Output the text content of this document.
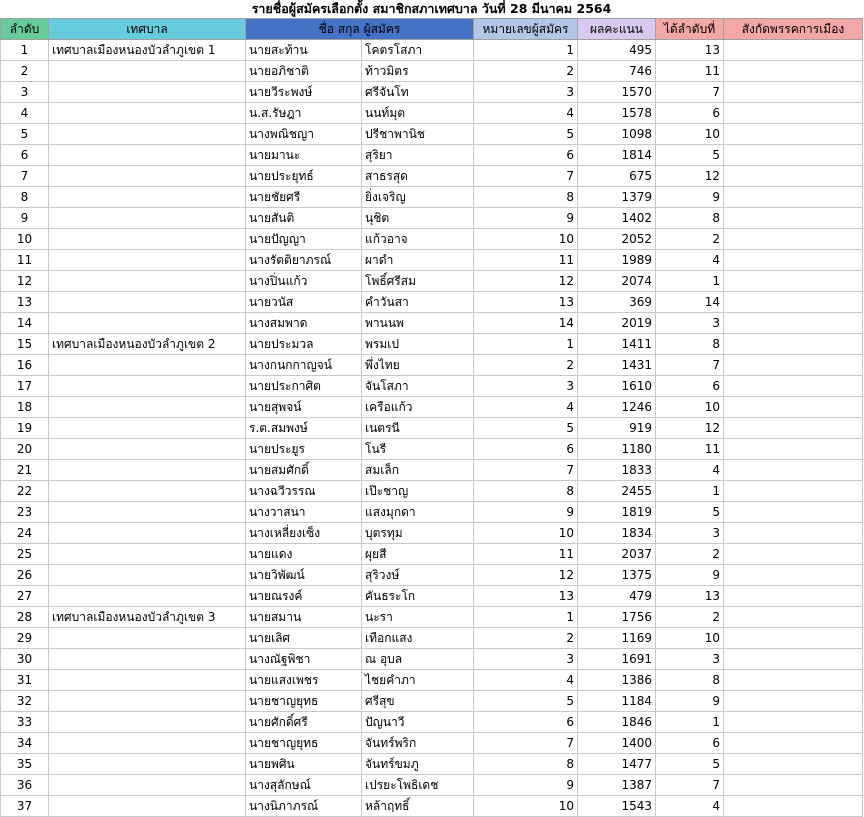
รายชื่อผู้สมัครเลือกตั้ง สมาชิกสภาเทศบาล วันที่ 28 มีนาคม 2564							
ลำดับ	เทศบาล	ชื่อ สกุล ผู้สมัคร		หมายเลขผู้สมัคร	ผลคะแนน	ได้ลำดับที่	สังกัดพรรคการเมือง
1	เทศบาลเมืองหนองบัวลำภูเขต 1	นายสะท้าน	โคตรโสภา	1	495	13	
2		นายอภิชาติ	ท้าวมิตร	2	746	11	
3		นายวีระพงษ์	ศรีจันโท	3	1570	7	
4		น.ส.รัษฎา	นนท์มุต	4	1578	6	
5		นางพณิชญา	ปรีชาพานิช	5	1098	10	
6		นายมานะ	สุริยา	6	1814	5	
7		นายประยุทธ์	สาธรสุด	7	675	12	
8		นายชัยศรี	ยิ่งเจริญ	8	1379	9	
9		นายสันติ	นุชิต	9	1402	8	
10		นายปัญญา	แก้วอาจ	10	2052	2	
11		นางรัตติยาภรณ์	ผาดำ	11	1989	4	
12		นางปิ่นแก้ว	โพธิ์ศรีสม	12	2074	1	
13		นายวนัส	คำวันสา	13	369	14	
14		นางสมพาด	พานนพ	14	2019	3	
15	เทศบาลเมืองหนองบัวลำภูเขต 2	นายประมวล	พรมเป	1	1411	8	
16		นางกนกกาญจน์	พึ่งไทย	2	1431	7	
17		นายประกาศิต	จันโสภา	3	1610	6	
18		นายสุพจน์	เครือแก้ว	4	1246	10	
19		ร.ต.สมพงษ์	เนตรนี	5	919	12	
20		นายประยูร	โนรี	6	1180	11	
21		นายสมศักดิ์	สมเล็ก	7	1833	4	
22		นางฉวีวรรณ	เป๊ะชาญ	8	2455	1	
23		นางวาสนา	แสงมุกดา	9	1819	5	
24		นางเหลี่ยงเซ็ง	บุตรทุม	10	1834	3	
25		นายแดง	ผุยสี	11	2037	2	
26		นายวิพัฒน์	สุริวงษ์	12	1375	9	
27		นายณรงค์	คันธระโก	13	479	13	
28	เทศบาลเมืองหนองบัวลำภูเขต 3	นายสมาน	นะรา	1	1756	2	
29		นายเลิศ	เทือกแสง	2	1169	10	
30		นางณัฐพิชา	ณ อุบล	3	1691	3	
31		นายแสงเพชร	ไชยคำภา	4	1386	8	
32		นายชาญยุทธ	ศรีสุข	5	1184	9	
33		นายศักดิ์ศรี	ปัญนาวี	6	1846	1	
34		นายชาญยุทธ	จันทร์พริก	7	1400	6	
35		นายพศิน	จันทร์ขมภู	8	1477	5	
36		นางสุลักษณ์	เปรยะโพธิเดช	9	1387	7	
37		นางนิภาภรณ์	หล้าฤทธิ์	10	1543	4	
